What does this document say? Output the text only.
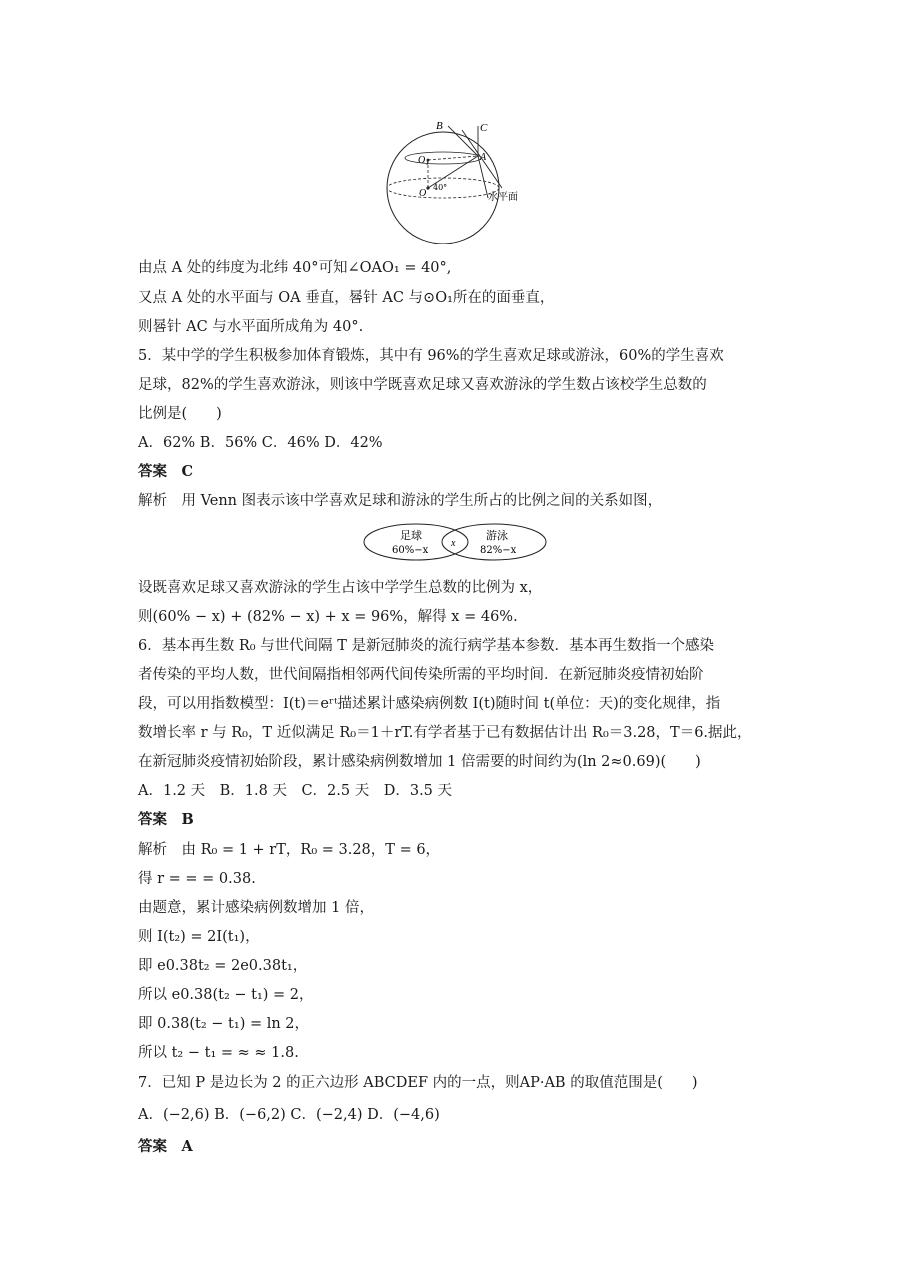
B	C
O₁	A
O
40°
水平面
由点 A 处的纬度为北纬 40°可知∠OAO₁ = 40°,
又点 A 处的水平面与 OA 垂直，晷针 AC 与⊙O₁所在的面垂直，
则晷针 AC 与水平面所成角为 40°.
5．某中学的学生积极参加体育锻炼，其中有 96%的学生喜欢足球或游泳，60%的学生喜欢
足球，82%的学生喜欢游泳，则该中学既喜欢足球又喜欢游泳的学生数占该校学生总数的
比例是(　　)
A．62% B．56% C．46% D．42%
答案　C
解析　用 Venn 图表示该中学喜欢足球和游泳的学生所占的比例之间的关系如图，
足球
60%−x
x
游泳
82%−x
设既喜欢足球又喜欢游泳的学生占该中学学生总数的比例为 x，
则(60% − x) + (82% − x) + x = 96%，解得 x = 46%.
6．基本再生数 R₀ 与世代间隔 T 是新冠肺炎的流行病学基本参数．基本再生数指一个感染
者传染的平均人数，世代间隔指相邻两代间传染所需的平均时间．在新冠肺炎疫情初始阶
段，可以用指数模型：I(t)＝eʳᵗ描述累计感染病例数 I(t)随时间 t(单位：天)的变化规律，指
数增长率 r 与 R₀，T 近似满足 R₀＝1＋rT.有学者基于已有数据估计出 R₀＝3.28，T＝6.据此，
在新冠肺炎疫情初始阶段，累计感染病例数增加 1 倍需要的时间约为(ln 2≈0.69)(　　)
A．1.2 天　B．1.8 天　C．2.5 天　D．3.5 天
答案　B
解析　由 R₀ = 1 + rT，R₀ = 3.28，T = 6，
得 r = = = 0.38.
由题意，累计感染病例数增加 1 倍，
则 I(t₂) = 2I(t₁)，
即 e0.38t₂ = 2e0.38t₁，
所以 e0.38(t₂ − t₁) = 2，
即 0.38(t₂ − t₁) = ln 2，
所以 t₂ − t₁ = ≈ ≈ 1.8.
7．已知 P 是边长为 2 的正六边形 ABCDEF 内的一点，则AP·AB 的取值范围是(　　)
A．(−2,6) B．(−6,2) C．(−2,4) D．(−4,6)
答案　A
